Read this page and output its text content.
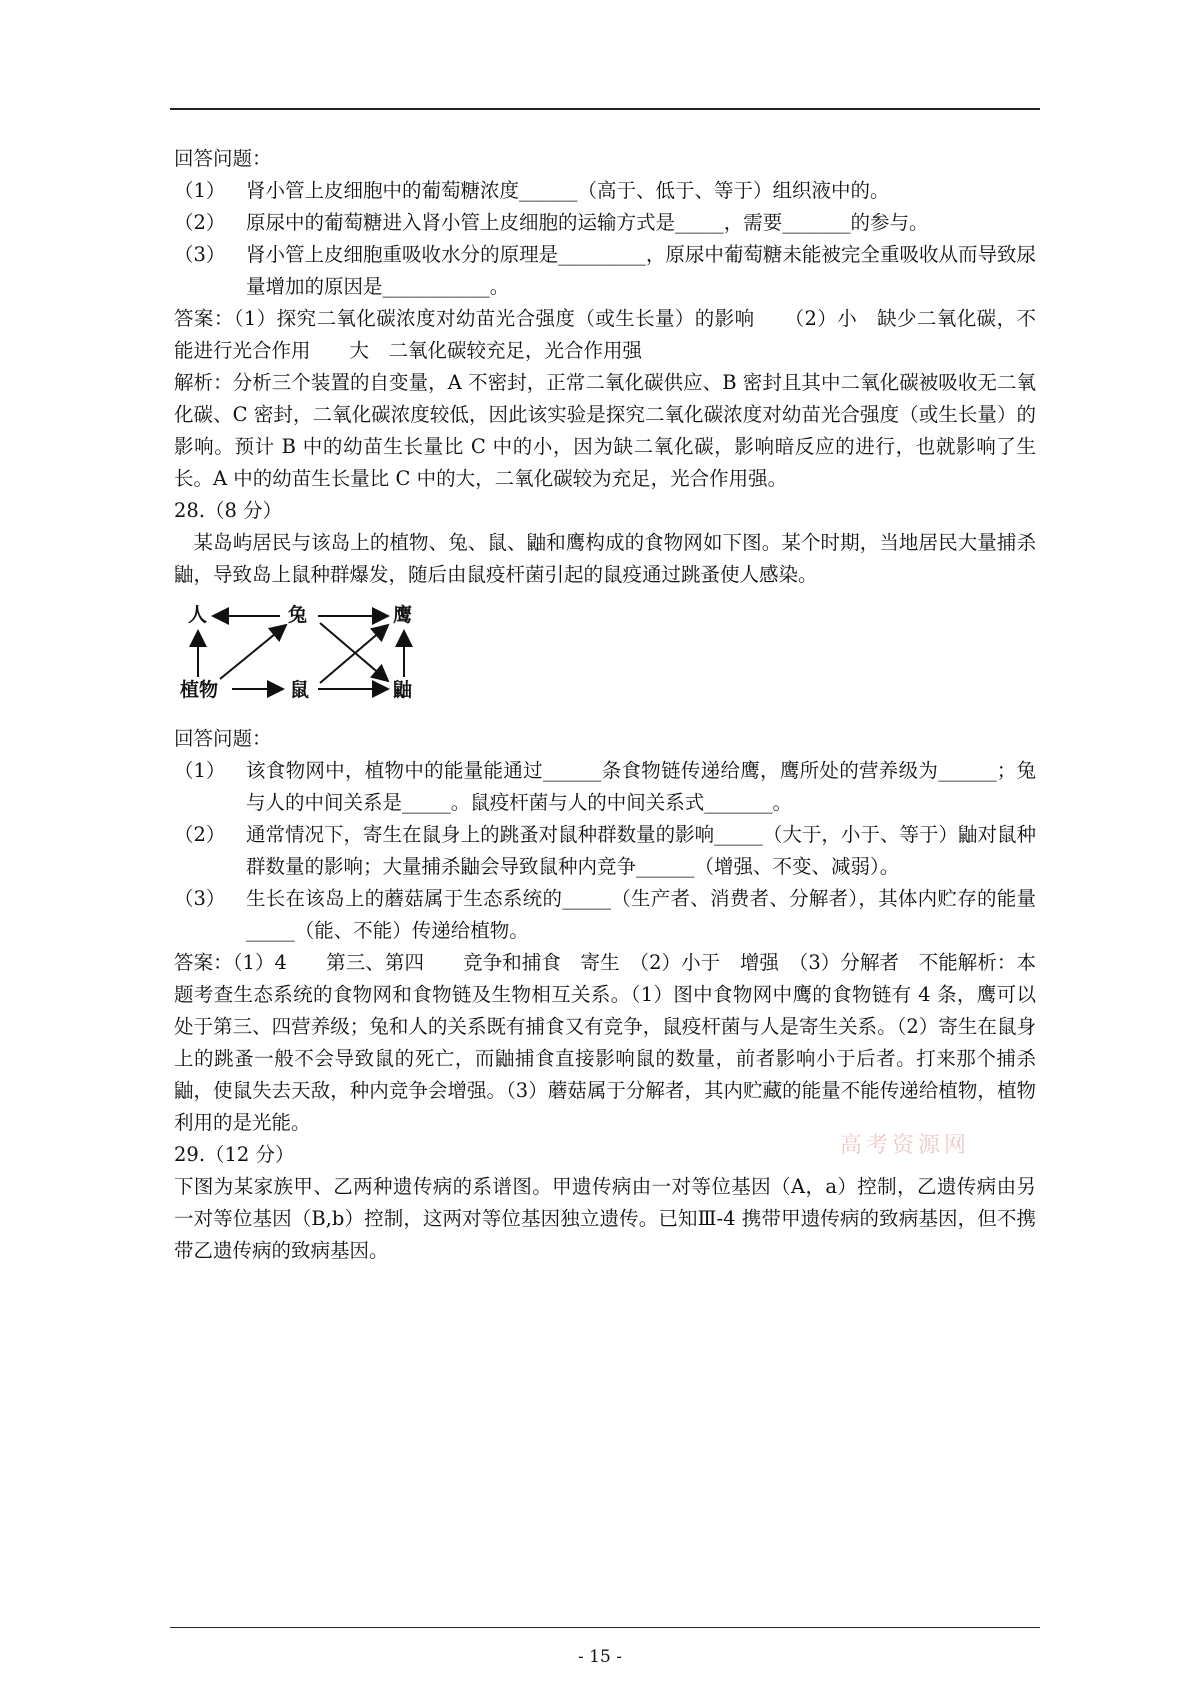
回答问题：

（1）	肾小管上皮细胞中的葡萄糖浓度______（高于、低于、等于）组织液中的。
（2）	原尿中的葡萄糖进入肾小管上皮细胞的运输方式是_____，需要_______的参与。
（3）	肾小管上皮细胞重吸收水分的原理是_________，原尿中葡萄糖未能被完全重吸收从而导致尿量增加的原因是___________。

答案：（1）探究二氧化碳浓度对幼苗光合强度（或生长量）的影响　　（2）小　缺少二氧化碳，不能进行光合作用　　大　二氧化碳较充足，光合作用强

解析：分析三个装置的自变量，A 不密封，正常二氧化碳供应、B 密封且其中二氧化碳被吸收无二氧化碳、C 密封，二氧化碳浓度较低，因此该实验是探究二氧化碳浓度对幼苗光合强度（或生长量）的影响。预计 B 中的幼苗生长量比 C 中的小，因为缺二氧化碳，影响暗反应的进行，也就影响了生长。A 中的幼苗生长量比 C 中的大，二氧化碳较为充足，光合作用强。

28.（8 分）

某岛屿居民与该岛上的植物、兔、鼠、鼬和鹰构成的食物网如下图。某个时期，当地居民大量捕杀鼬，导致岛上鼠种群爆发，随后由鼠疫杆菌引起的鼠疫通过跳蚤使人感染。

人	兔	鹰
植物	鼠	鼬

回答问题：

（1）	该食物网中，植物中的能量能通过______条食物链传递给鹰，鹰所处的营养级为______；兔与人的中间关系是_____。鼠疫杆菌与人的中间关系式_______。
（2）	通常情况下，寄生在鼠身上的跳蚤对鼠种群数量的影响_____（大于，小于、等于）鼬对鼠种群数量的影响；大量捕杀鼬会导致鼠种内竞争______（增强、不变、减弱）。
（3）	生长在该岛上的蘑菇属于生态系统的_____（生产者、消费者、分解者），其体内贮存的能量_____（能、不能）传递给植物。

答案：（1）4　　第三、第四　　竞争和捕食　寄生　（2）小于　增强　（3）分解者　不能解析：本题考查生态系统的食物网和食物链及生物相互关系。（1）图中食物网中鹰的食物链有 4 条，鹰可以处于第三、四营养级；兔和人的关系既有捕食又有竞争，鼠疫杆菌与人是寄生关系。（2）寄生在鼠身上的跳蚤一般不会导致鼠的死亡，而鼬捕食直接影响鼠的数量，前者影响小于后者。打来那个捕杀鼬，使鼠失去天敌，种内竞争会增强。（3）蘑菇属于分解者，其内贮藏的能量不能传递给植物，植物利用的是光能。

29.（12 分）

下图为某家族甲、乙两种遗传病的系谱图。甲遗传病由一对等位基因（A，a）控制，乙遗传病由另一对等位基因（B,b）控制，这两对等位基因独立遗传。已知Ⅲ-4 携带甲遗传病的致病基因，但不携带乙遗传病的致病基因。

高考资源网
- 15 -
